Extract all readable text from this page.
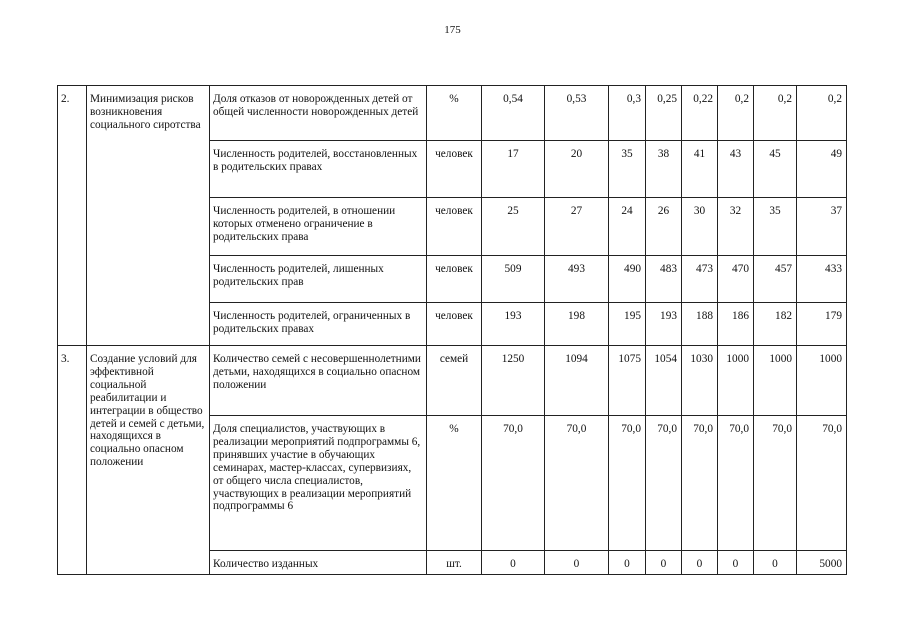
175
2.	Минимизация рисков возникновения социального сиротства	Доля отказов от новорожденных детей от общей численности новорожденных детей	%	0,54	0,53	0,3	0,25	0,22	0,2	0,2	0,2
		Численность родителей, восстановленных в родительских правах	человек	17	20	35	38	41	43	45	49
		Численность родителей, в отношении которых отменено ограничение в родительских права	человек	25	27	24	26	30	32	35	37
		Численность родителей, лишенных родительских прав	человек	509	493	490	483	473	470	457	433
		Численность родителей, ограниченных в родительских правах	человек	193	198	195	193	188	186	182	179
3.	Создание условий для эффективной социальной реабилитации и интеграции в общество детей и семей с детьми, находящихся в социально опасном положении	Количество семей с несовершеннолетними детьми, находящихся в социально опасном положении	семей	1250	1094	1075	1054	1030	1000	1000	1000
		Доля специалистов, участвующих в реализации мероприятий подпрограммы 6, принявших участие в обучающих семинарах, мастер-классах, супервизиях, от общего числа специалистов, участвующих в реализации мероприятий подпрограммы 6	%	70,0	70,0	70,0	70,0	70,0	70,0	70,0	70,0
		Количество изданных	шт.	0	0	0	0	0	0	0	5000
